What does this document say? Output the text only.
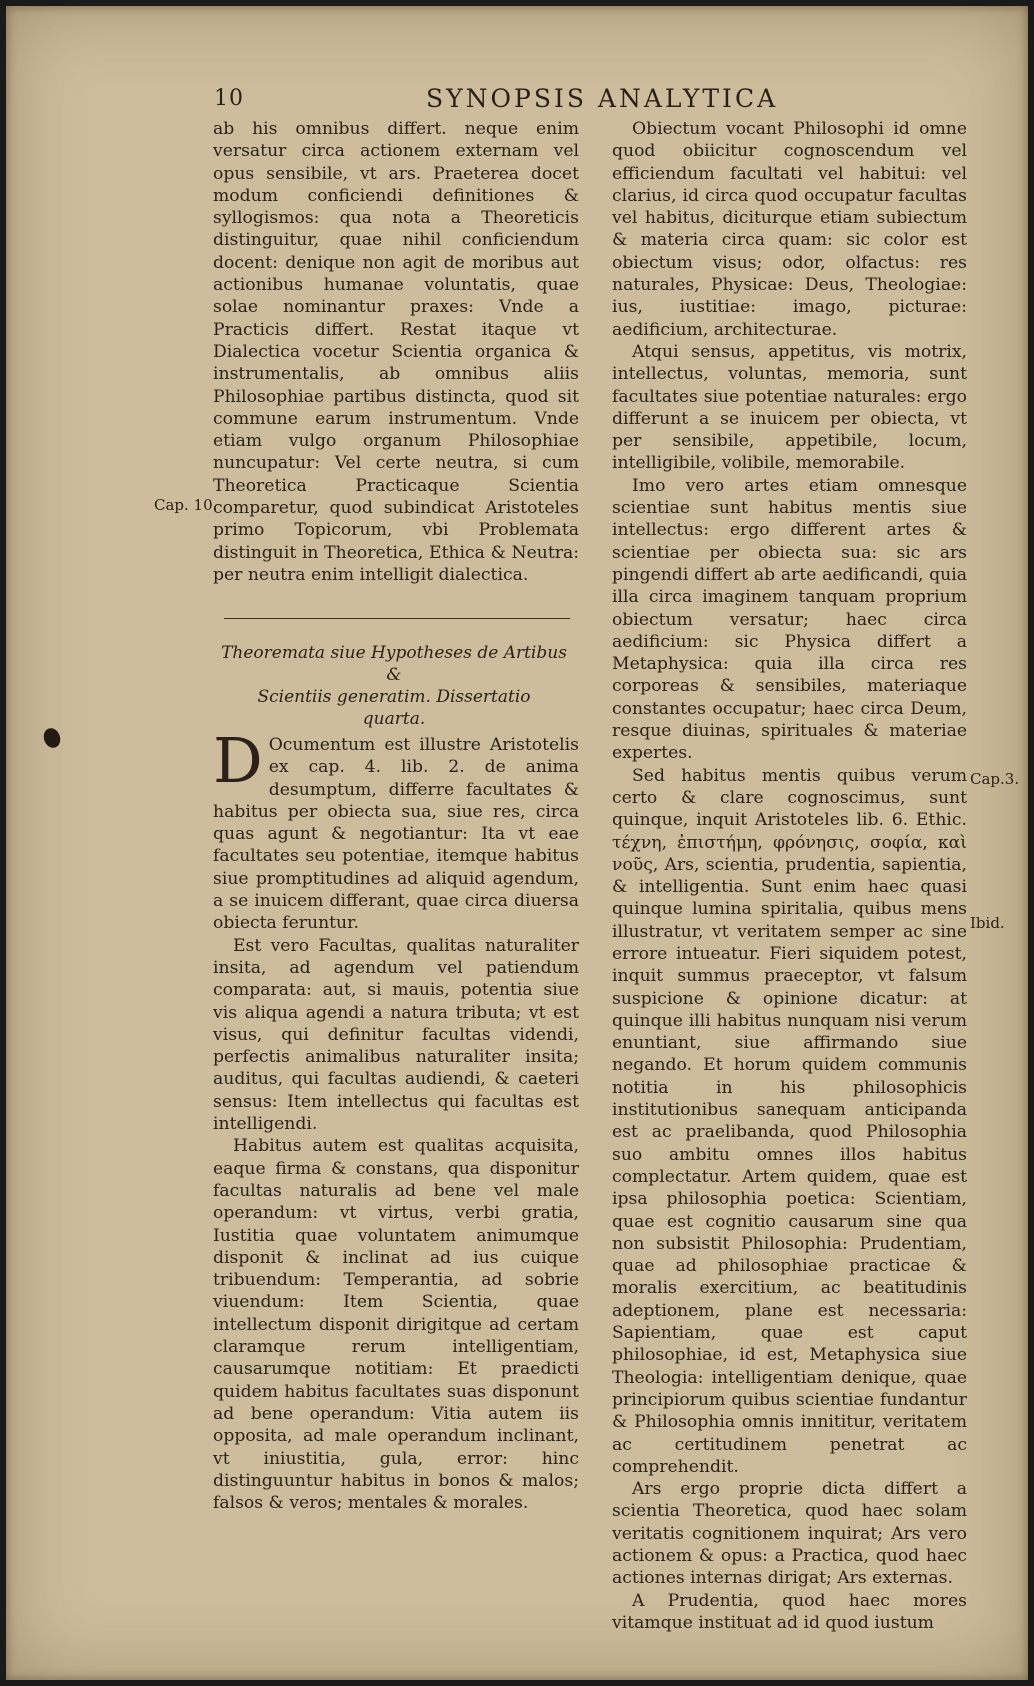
10	SYNOPSIS ANALYTICA

ab his omnibus differt. neque enim versatur circa actionem externam vel opus sensibile, vt ars. Praeterea docet modum conficiendi definitiones & syllogismos: qua nota a Theoreticis distinguitur, quae nihil conficiendum docent: denique non agit de moribus aut actionibus humanae voluntatis, quae solae nominantur praxes: Vnde a Practicis differt. Restat itaque vt Dialectica vocetur Scientia organica & instrumentalis, ab omnibus aliis Philosophiae partibus distincta, quod sit commune earum instrumentum. Vnde etiam vulgo organum Philosophiae nuncupatur: Vel certe neutra, si cum Theoretica Practicaque Scientia comparetur, quod subindicat Aristoteles primo Topicorum, vbi Problemata distinguit in Theoretica, Ethica & Neutra: per neutra enim intelligit dialectica.

Cap. 10.
Theoremata siue Hypotheses de Artibus &
Scientiis generatim. Dissertatio
quarta.

D Ocumentum est illustre Aristotelis ex cap. 4. lib. 2. de anima desumptum, differre facultates & habitus per obiecta sua, siue res, circa quas agunt & negotiantur: Ita vt eae facultates seu potentiae, itemque habitus siue promptitudines ad aliquid agendum, a se inuicem differant, quae circa diuersa obiecta feruntur.

Est vero Facultas, qualitas naturaliter insita, ad agendum vel patiendum comparata: aut, si mauis, potentia siue vis aliqua agendi a natura tributa; vt est visus, qui definitur facultas videndi, perfectis animalibus naturaliter insita; auditus, qui facultas audiendi, & caeteri sensus: Item intellectus qui facultas est intelligendi.

Habitus autem est qualitas acquisita, eaque firma & constans, qua disponitur facultas naturalis ad bene vel male operandum: vt virtus, verbi gratia, Iustitia quae voluntatem animumque disponit & inclinat ad ius cuique tribuendum: Temperantia, ad sobrie viuendum: Item Scientia, quae intellectum disponit dirigitque ad certam claramque rerum intelligentiam, causarumque notitiam: Et praedicti quidem habitus facultates suas disponunt ad bene operandum: Vitia autem iis opposita, ad male operandum inclinant, vt iniustitia, gula, error: hinc distinguuntur habitus in bonos & malos; falsos & veros; mentales & morales.

Obiectum vocant Philosophi id omne quod obiicitur cognoscendum vel efficiendum facultati vel habitui: vel clarius, id circa quod occupatur facultas vel habitus, diciturque etiam subiectum & materia circa quam: sic color est obiectum visus; odor, olfactus: res naturales, Physicae: Deus, Theologiae: ius, iustitiae: imago, picturae: aedificium, architecturae.

Atqui sensus, appetitus, vis motrix, intellectus, voluntas, memoria, sunt facultates siue potentiae naturales: ergo differunt a se inuicem per obiecta, vt per sensibile, appetibile, locum, intelligibile, volibile, memorabile.

Imo vero artes etiam omnesque scientiae sunt habitus mentis siue intellectus: ergo different artes & scientiae per obiecta sua: sic ars pingendi differt ab arte aedificandi, quia illa circa imaginem tanquam proprium obiectum versatur; haec circa aedificium: sic Physica differt a Metaphysica: quia illa circa res corporeas & sensibiles, materiaque constantes occupatur; haec circa Deum, resque diuinas, spirituales & materiae expertes.

Sed habitus mentis quibus verum certo & clare cognoscimus, sunt quinque, inquit Aristoteles lib. 6. Ethic. τέχνη, ἐπιστήμη, φρόνησις, σοφία, καὶ νοῦς, Ars, scientia, prudentia, sapientia, & intelligentia. Sunt enim haec quasi quinque lumina spiritalia, quibus mens illustratur, vt veritatem semper ac sine errore intueatur. Fieri siquidem potest, inquit summus praeceptor, vt falsum suspicione & opinione dicatur: at quinque illi habitus nunquam nisi verum enuntiant, siue affirmando siue negando. Et horum quidem communis notitia in his philosophicis institutionibus sanequam anticipanda est ac praelibanda, quod Philosophia suo ambitu omnes illos habitus complectatur. Artem quidem, quae est ipsa philosophia poetica: Scientiam, quae est cognitio causarum sine qua non subsistit Philosophia: Prudentiam, quae ad philosophiae practicae & moralis exercitium, ac beatitudinis adeptionem, plane est necessaria: Sapientiam, quae est caput philosophiae, id est, Metaphysica siue Theologia: intelligentiam denique, quae principiorum quibus scientiae fundantur & Philosophia omnis innititur, veritatem ac certitudinem penetrat ac comprehendit.

Ars ergo proprie dicta differt a scientia Theoretica, quod haec solam veritatis cognitionem inquirat; Ars vero actionem & opus: a Practica, quod haec actiones internas dirigat; Ars externas.

A Prudentia, quod haec mores vitamque instituat ad id quod iustum

Cap.3.
Ibid.
